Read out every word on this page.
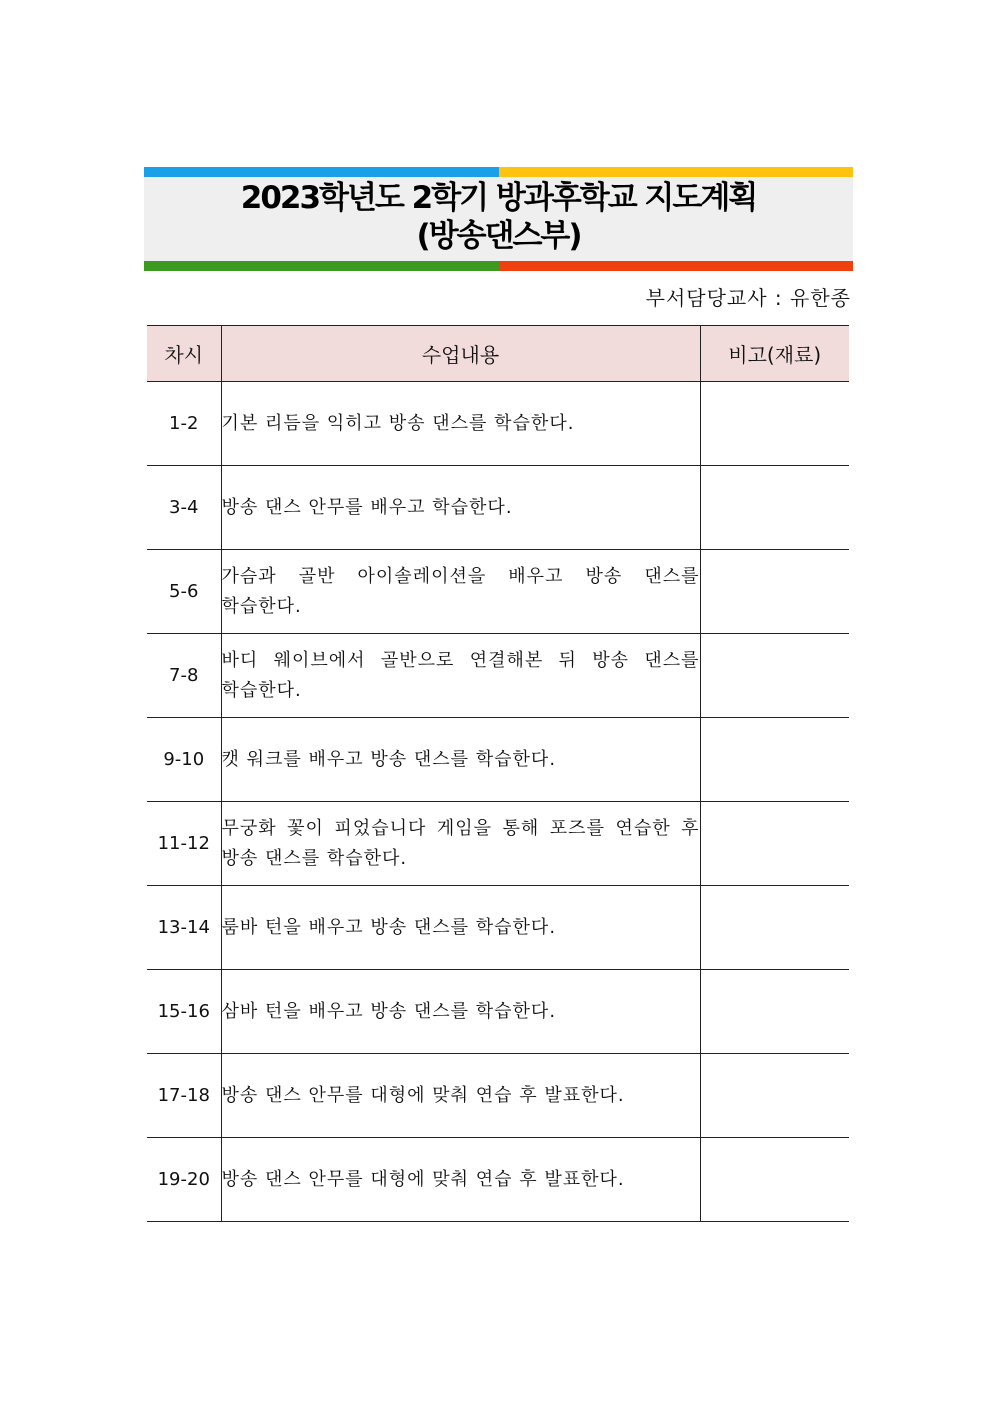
2023학년도 2학기 방과후학교 지도계획
(방송댄스부)
부서담당교사 : 유한종
차시	수업내용	비고(재료)
1-2	기본 리듬을 익히고 방송 댄스를 학습한다.	
3-4	방송 댄스 안무를 배우고 학습한다.	
5-6	가슴과 골반 아이솔레이션을 배우고 방송 댄스를 학습한다.	
7-8	바디 웨이브에서 골반으로 연결해본 뒤 방송 댄스를 학습한다.	
9-10	캣 워크를 배우고 방송 댄스를 학습한다.	
11-12	무궁화 꽃이 피었습니다 게임을 통해 포즈를 연습한 후 방송 댄스를 학습한다.	
13-14	룸바 턴을 배우고 방송 댄스를 학습한다.	
15-16	삼바 턴을 배우고 방송 댄스를 학습한다.	
17-18	방송 댄스 안무를 대형에 맞춰 연습 후 발표한다.	
19-20	방송 댄스 안무를 대형에 맞춰 연습 후 발표한다.	
